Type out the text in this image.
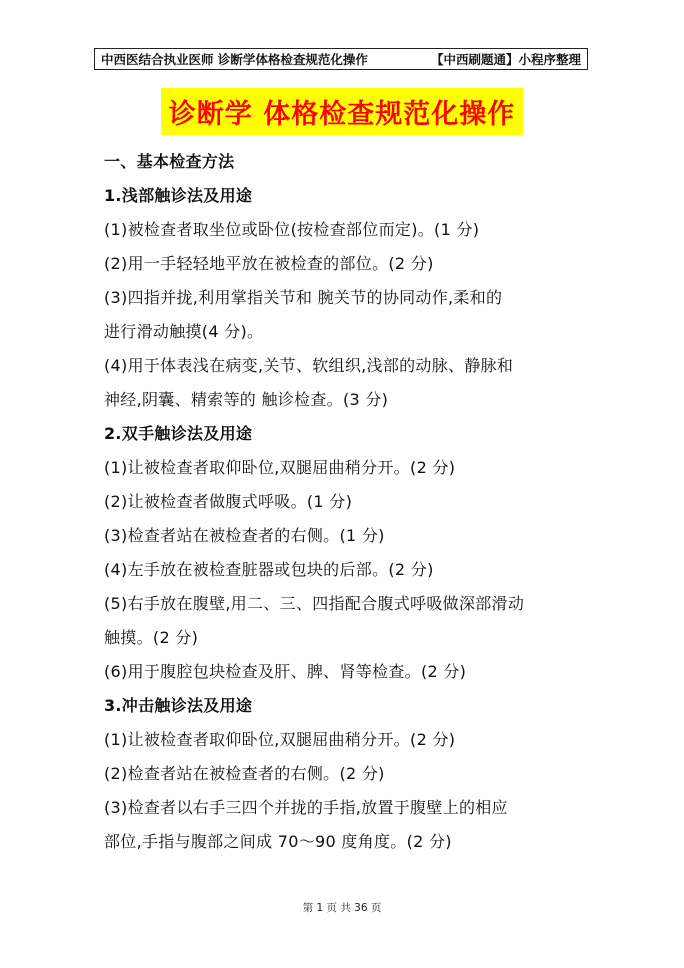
中西医结合执业医师 诊断学体格检查规范化操作	【中西刷题通】小程序整理
诊断学 体格检查规范化操作
一、基本检查方法
1.浅部触诊法及用途
(1)被检查者取坐位或卧位(按检查部位而定)。(1 分)
(2)用一手轻轻地平放在被检查的部位。(2 分)
(3)四指并拢,利用掌指关节和 腕关节的协同动作,柔和的
进行滑动触摸(4 分)。
(4)用于体表浅在病变,关节、软组织,浅部的动脉、静脉和
神经,阴囊、精索等的 触诊检查。(3 分)
2.双手触诊法及用途
(1)让被检查者取仰卧位,双腿屈曲稍分开。(2 分)
(2)让被检查者做腹式呼吸。(1 分)
(3)检查者站在被检查者的右侧。(1 分)
(4)左手放在被检查脏器或包块的后部。(2 分)
(5)右手放在腹壁,用二、三、四指配合腹式呼吸做深部滑动
触摸。(2 分)
(6)用于腹腔包块检查及肝、脾、肾等检查。(2 分)
3.冲击触诊法及用途
(1)让被检查者取仰卧位,双腿屈曲稍分开。(2 分)
(2)检查者站在被检查者的右侧。(2 分)
(3)检查者以右手三四个并拢的手指,放置于腹壁上的相应
部位,手指与腹部之间成 70～90 度角度。(2 分)
第 1 页 共 36 页
